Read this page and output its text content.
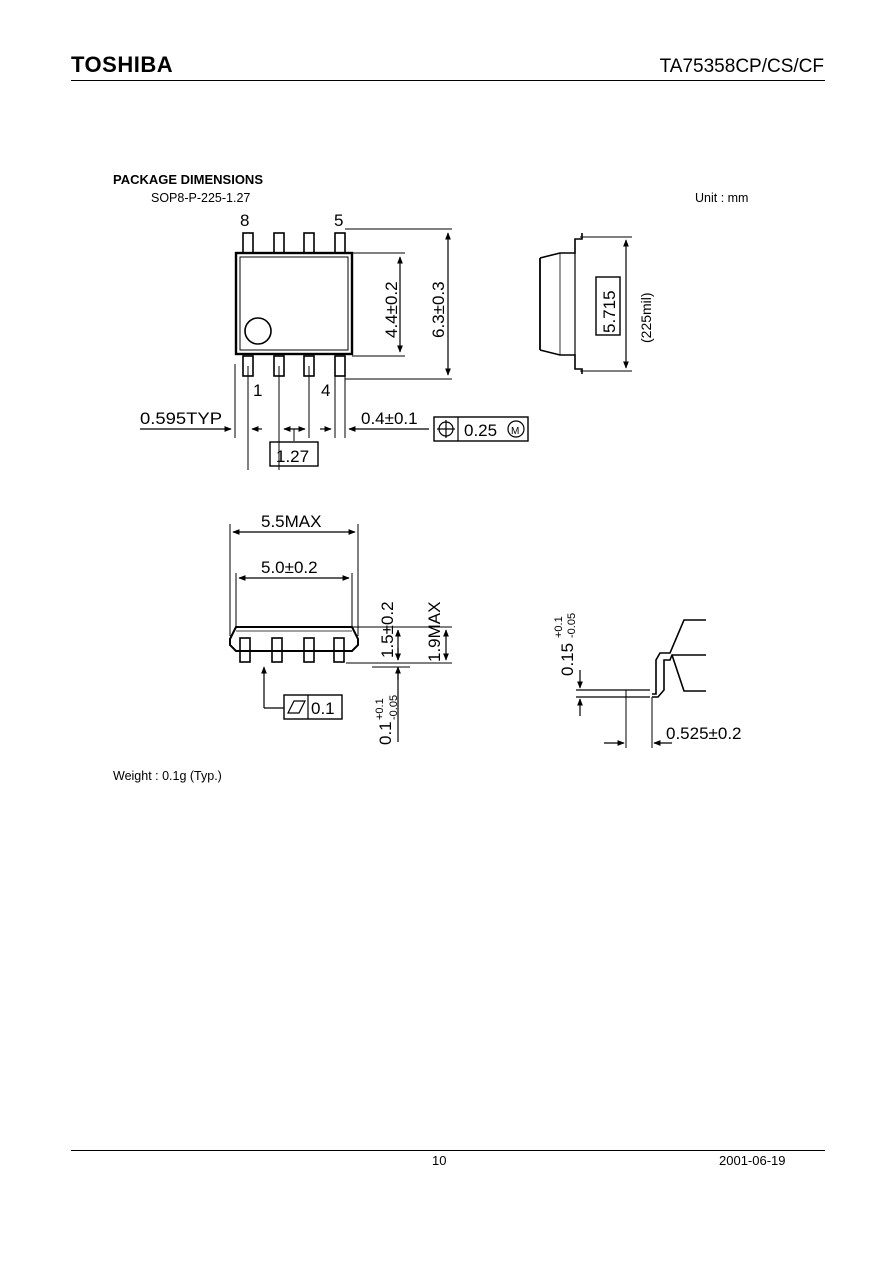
TOSHIBA	TA75358CP/CS/CF
PACKAGE DIMENSIONS
SOP8-P-225-1.27	Unit : mm
8	5
1	4
4.4±0.2 6.3±0.3
0.595TYP
1.27
0.4±0.1
0.25 M
5.715 (225mil)
5.5MAX
5.0±0.2
1.5±0.2 1.9MAX
0.1
+0.1 -0.05
0.1
0.15
+0.1 -0.05
0.525±0.2
Weight : 0.1g (Typ.)
10	2001-06-19
